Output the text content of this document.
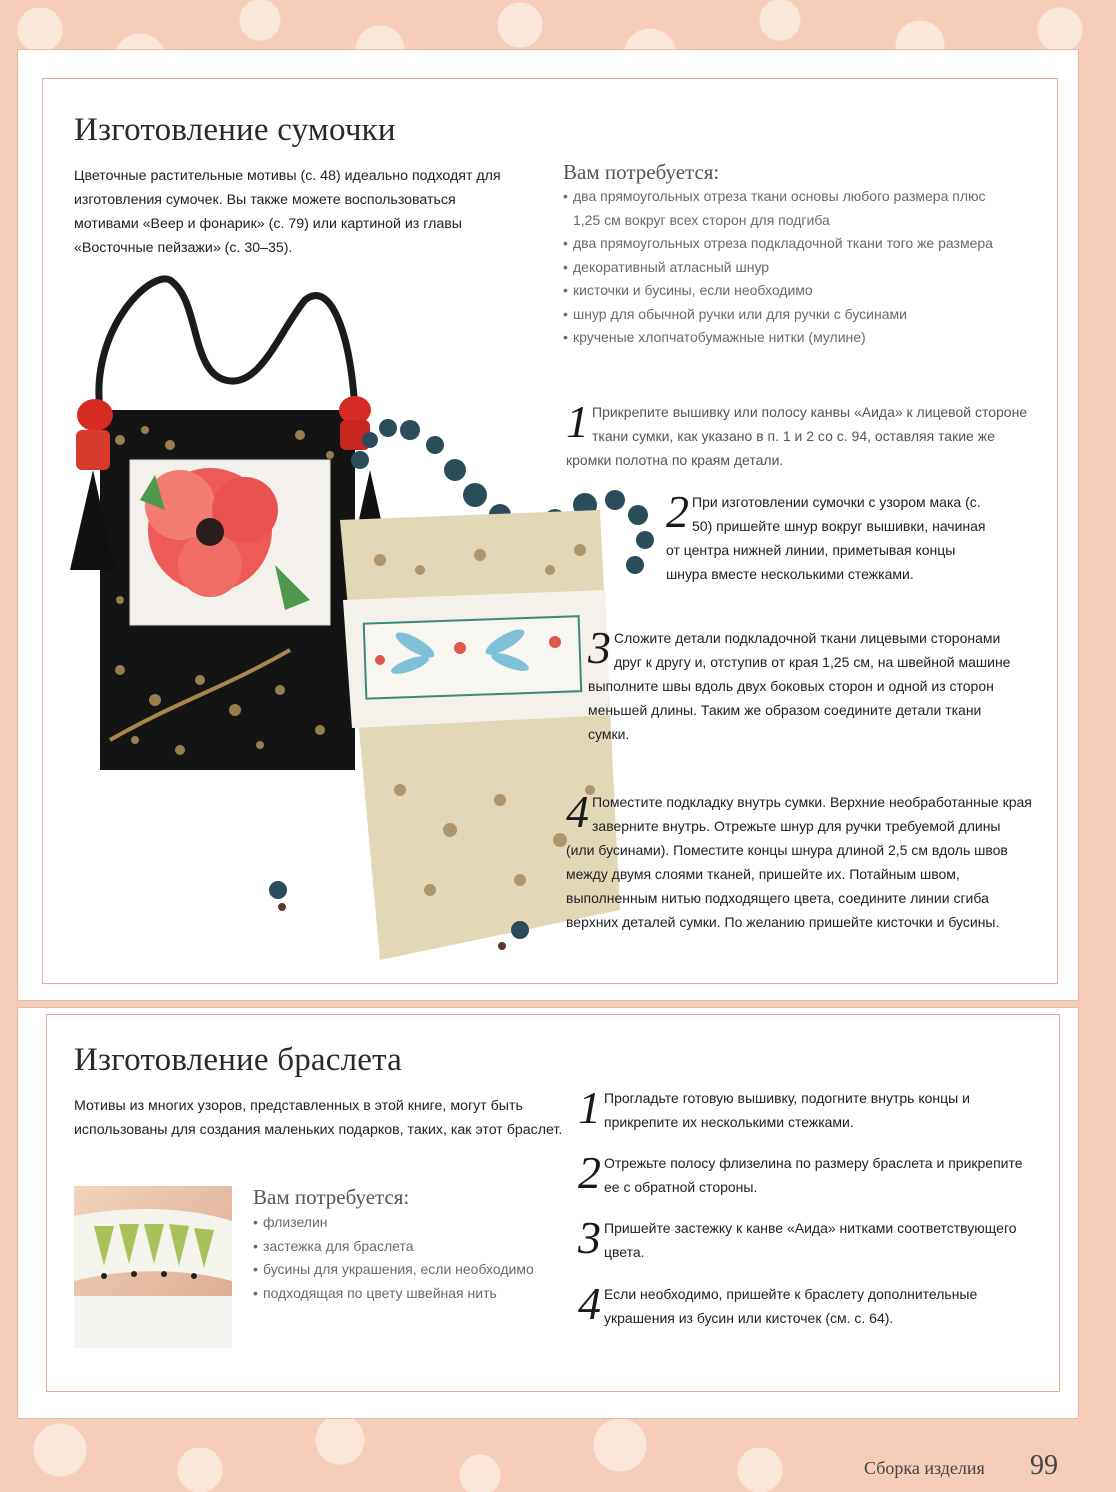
Изготовление сумочки
Цветочные растительные мотивы (с. 48) идеально подходят для изготовления сумочек. Вы также можете воспользоваться мотивами «Веер и фонарик» (с. 79) или картиной из главы «Восточные пейзажи» (с. 30–35).
Вам потребуется:
• два прямоугольных отреза ткани основы любого размера плюс 1,25 см вокруг всех сторон для подгиба
• два прямоугольных отреза подкладочной ткани того же размера
• декоративный атласный шнур
• кисточки и бусины, если необходимо
• шнур для обычной ручки или для ручки с бусинами
• крученые хлопчатобумажные нитки (мулине)
1 Прикрепите вышивку или полосу канвы «Аида» к лицевой стороне ткани сумки, как указано в п. 1 и 2 со с. 94, оставляя такие же кромки полотна по краям детали.
2 При изготовлении сумочки с узором мака (с. 50) пришейте шнур вокруг вышивки, начиная от центра нижней линии, приметывая концы шнура вместе несколькими стежками.
3 Сложите детали подкладочной ткани лицевыми сторонами друг к другу и, отступив от края 1,25 см, на швейной машине выполните швы вдоль двух боковых сторон и одной из сторон меньшей длины. Таким же образом соедините детали ткани сумки.
4 Поместите подкладку внутрь сумки. Верхние необработанные края заверните внутрь. Отрежьте шнур для ручки требуемой длины (или бусинами). Поместите концы шнура длиной 2,5 см вдоль швов между двумя слоями тканей, пришейте их. Потайным швом, выполненным нитью подходящего цвета, соедините линии сгиба верхних деталей сумки. По желанию пришейте кисточки и бусины.
Изготовление браслета
Мотивы из многих узоров, представленных в этой книге, могут быть использованы для создания маленьких подарков, таких, как этот браслет.
Вам потребуется:
• флизелин
• застежка для браслета
• бусины для украшения, если необходимо
• подходящая по цвету швейная нить
1 Прогладьте готовую вышивку, подогните внутрь концы и прикрепите их несколькими стежками.
2 Отрежьте полосу флизелина по размеру браслета и прикрепите ее с обратной стороны.
3 Пришейте застежку к канве «Аида» нитками соответствующего цвета.
4 Если необходимо, пришейте к браслету дополнительные украшения из бусин или кисточек (см. с. 64).
Сборка изделия 99
